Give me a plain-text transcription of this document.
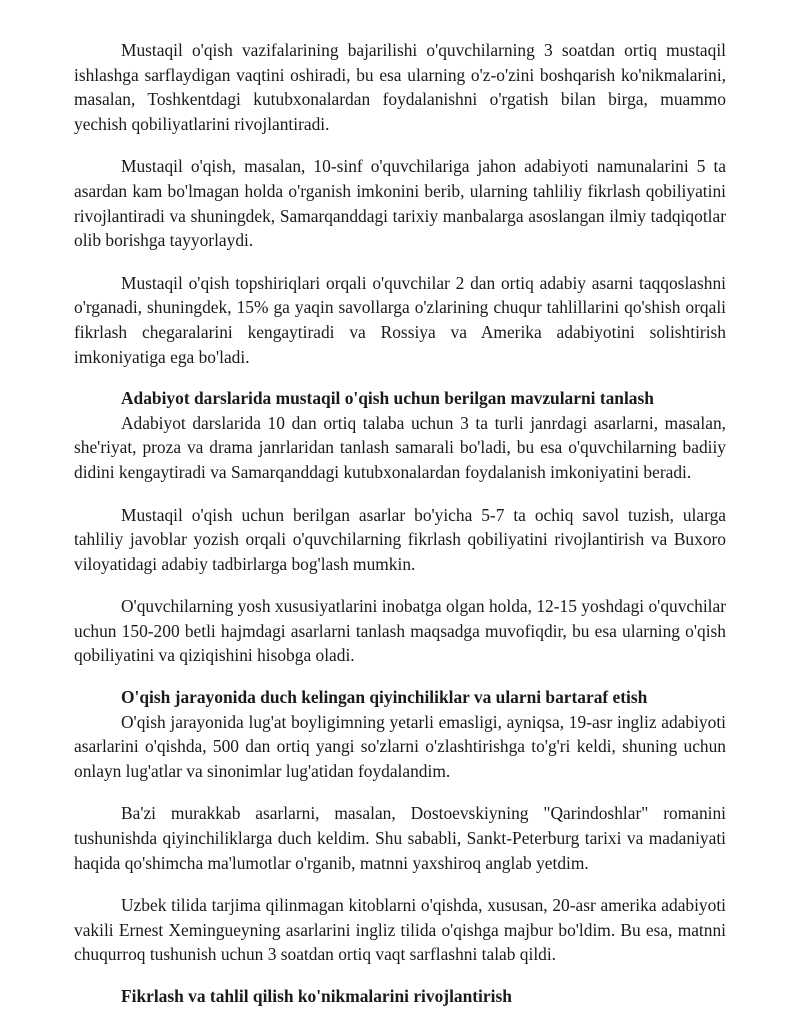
Mustaqil o'qish vazifalarining bajarilishi o'quvchilarning 3 soatdan ortiq mustaqil ishlashga sarflaydigan vaqtini oshiradi, bu esa ularning o'z-o'zini boshqarish ko'nikmalarini, masalan, Toshkentdagi kutubxonalardan foydalanishni o'rgatish bilan birga, muammo yechish qobiliyatlarini rivojlantiradi.

Mustaqil o'qish, masalan, 10-sinf o'quvchilariga jahon adabiyoti namunalarini 5 ta asardan kam bo'lmagan holda o'rganish imkonini berib, ularning tahliliy fikrlash qobiliyatini rivojlantiradi va shuningdek, Samarqanddagi tarixiy manbalarga asoslangan ilmiy tadqiqotlar olib borishga tayyorlaydi.

Mustaqil o'qish topshiriqlari orqali o'quvchilar 2 dan ortiq adabiy asarni taqqoslashni o'rganadi, shuningdek, 15% ga yaqin savollarga o'zlarining chuqur tahlillarini qo'shish orqali fikrlash chegaralarini kengaytiradi va Rossiya va Amerika adabiyotini solishtirish imkoniyatiga ega bo'ladi.

Adabiyot darslarida mustaqil o'qish uchun berilgan mavzularni tanlash

Adabiyot darslarida 10 dan ortiq talaba uchun 3 ta turli janrdagi asarlarni, masalan, she'riyat, proza va drama janrlaridan tanlash samarali bo'ladi, bu esa o'quvchilarning badiiy didini kengaytiradi va Samarqanddagi kutubxonalardan foydalanish imkoniyatini beradi.

Mustaqil o'qish uchun berilgan asarlar bo'yicha 5-7 ta ochiq savol tuzish, ularga tahliliy javoblar yozish orqali o'quvchilarning fikrlash qobiliyatini rivojlantirish va Buxoro viloyatidagi adabiy tadbirlarga bog'lash mumkin.

O'quvchilarning yosh xususiyatlarini inobatga olgan holda, 12-15 yoshdagi o'quvchilar uchun 150-200 betli hajmdagi asarlarni tanlash maqsadga muvofiqdir, bu esa ularning o'qish qobiliyatini va qiziqishini hisobga oladi.

O'qish jarayonida duch kelingan qiyinchiliklar va ularni bartaraf etish

O'qish jarayonida lug'at boyligimning yetarli emasligi, ayniqsa, 19-asr ingliz adabiyoti asarlarini o'qishda, 500 dan ortiq yangi so'zlarni o'zlashtirishga to'g'ri keldi, shuning uchun onlayn lug'atlar va sinonimlar lug'atidan foydalandim.

Ba'zi murakkab asarlarni, masalan, Dostoevskiyning "Qarindoshlar" romanini tushunishda qiyinchiliklarga duch keldim. Shu sababli, Sankt-Peterburg tarixi va madaniyati haqida qo'shimcha ma'lumotlar o'rganib, matnni yaxshiroq anglab yetdim.

Uzbek tilida tarjima qilinmagan kitoblarni o'qishda, xususan, 20-asr amerika adabiyoti vakili Ernest Xemingueyning asarlarini ingliz tilida o'qishga majbur bo'ldim. Bu esa, matnni chuqurroq tushunish uchun 3 soatdan ortiq vaqt sarflashni talab qildi.

Fikrlash va tahlil qilish ko'nikmalarini rivojlantirish
